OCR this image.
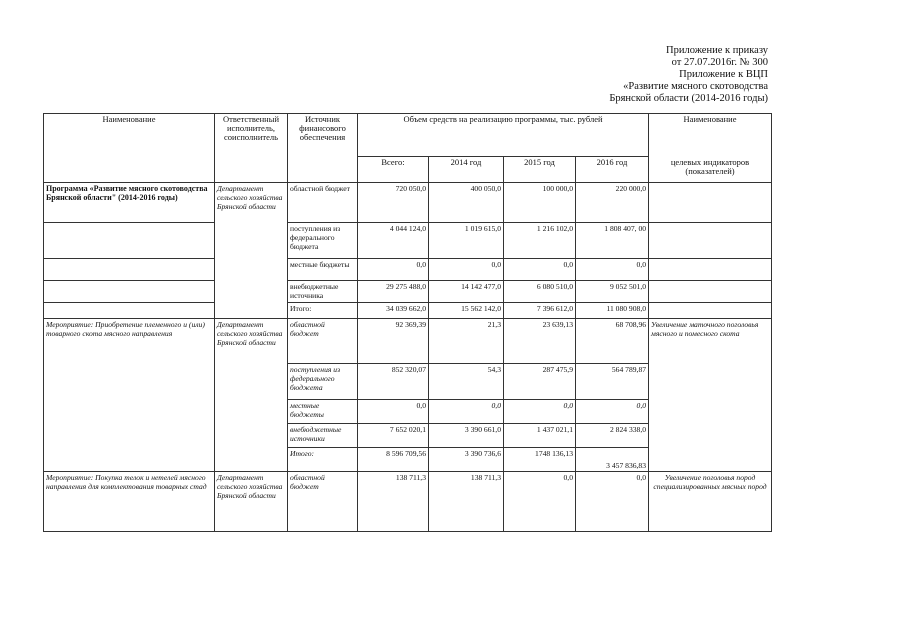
Приложение к приказу
от 27.07.2016г. № 300
Приложение к ВЦП
«Развитие мясного скотоводства
Брянской области (2014-2016 годы)
Наименование	Ответственный исполнитель, соисполнитель	Источник финансового обеспечения	Объем средств на реализацию программы, тыс. рублей				Наименование
			Всего:	2014 год	2015 год	2016 год	целевых индикаторов (показателей)
Программа «Развитие мясного скотоводства Брянской области" (2014-2016 годы)	Департамент сельского хозяйства Брянской области	областной бюджет	720 050,0	400 050,0	100 000,0	220 000,0	
		поступления из федерального бюджета	4 044 124,0	1 019 615,0	1 216 102,0	1 808 407, 00	
		местные бюджеты	0,0	0,0	0,0	0,0	
		внебюджетные источника	29 275 488,0	14 142 477,0	6 080 510,0	9 052 501,0	
		Итого:	34 039 662,0	15 562 142,0	7 396 612,0	11 080 908,0	
Мероприятие: Приобретение племенного и (или) товарного скота мясного направления	Департамент сельского хозяйства Брянской области	областной бюджет	92 369,39	21,3	23 639,13	68 708,96	Увеличение маточного поголовья мясного и помесного скота
		поступления из федерального бюджета	852 320,07	54,3	287 475,9	564 789,87	
		местные бюджеты	0,0	0,0	0,0	0,0	
		внебюджетные источники	7 652 020,1	3 390 661,0	1 437 021,1	2 824 338,0	
		Итого:	8 596 709,56	3 390 736,6	1748 136,13	3 457 836,83	
Мероприятие: Покупка телок и нетелей мясного направления для комплектования товарных стад	Департамент сельского хозяйства Брянской области	областной бюджет	138 711,3	138 711,3	0,0	0,0	Увеличение поголовья пород специализированных мясных пород
